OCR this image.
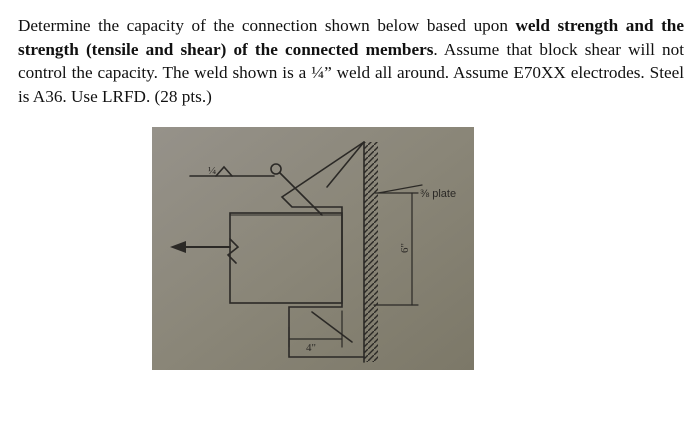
Determine the capacity of the connection shown below based upon weld strength and the strength (tensile and shear) of the connected members. Assume that block shear will not control the capacity. The weld shown is a ¼” weld all around. Assume E70XX electrodes. Steel is A36. Use LRFD. (28 pts.)

¼
⅜ plate
6"
4"
